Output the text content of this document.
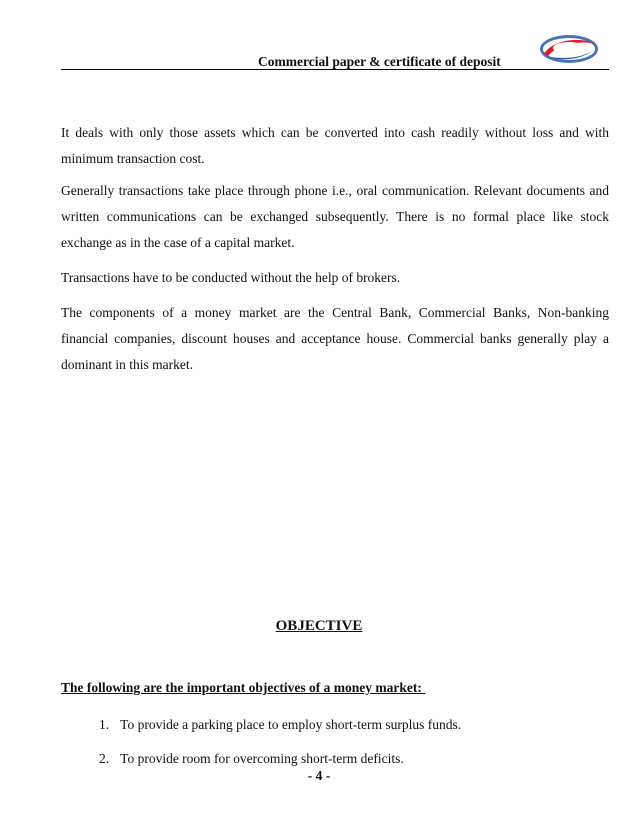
Commercial paper & certificate of deposit

It deals with only those assets which can be converted into cash readily without loss and with minimum transaction cost.

Generally transactions take place through phone i.e., oral communication. Relevant documents and written communications can be exchanged subsequently. There is no formal place like stock exchange as in the case of a capital market.

Transactions have to be conducted without the help of brokers.

The components of a money market are the Central Bank, Commercial Banks, Non-banking financial companies, discount houses and acceptance house. Commercial banks generally play a dominant in this market.

OBJECTIVE

The following are the important objectives of a money market:

1. To provide a parking place to employ short-term surplus funds.
2. To provide room for overcoming short-term deficits.
- 4 -
